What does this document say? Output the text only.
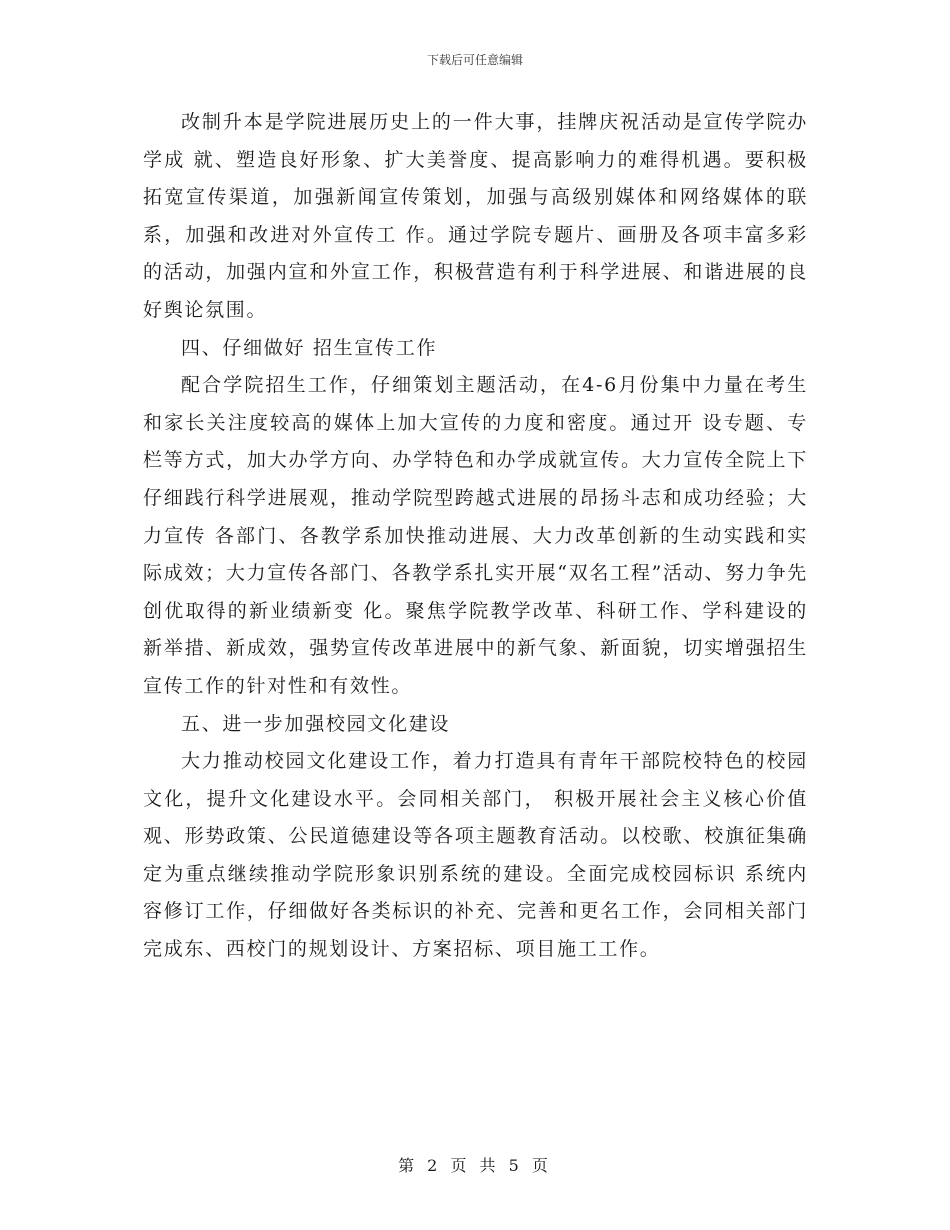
下载后可任意编辑

改制升本是学院进展历史上的一件大事，挂牌庆祝活动是宣传学院办学成 就、塑造良好形象、扩大美誉度、提高影响力的难得机遇。要积极拓宽宣传渠道，加强新闻宣传策划，加强与高级别媒体和网络媒体的联系，加强和改进对外宣传工 作。通过学院专题片、画册及各项丰富多彩的活动，加强内宣和外宣工作，积极营造有利于科学进展、和谐进展的良好舆论氛围。

四、仔细做好 招生宣传工作

配合学院招生工作，仔细策划主题活动，在4-6月份集中力量在考生和家长关注度较高的媒体上加大宣传的力度和密度。通过开 设专题、专栏等方式，加大办学方向、办学特色和办学成就宣传。大力宣传全院上下仔细践行科学进展观，推动学院型跨越式进展的昂扬斗志和成功经验；大力宣传 各部门、各教学系加快推动进展、大力改革创新的生动实践和实际成效；大力宣传各部门、各教学系扎实开展“双名工程”活动、努力争先创优取得的新业绩新变 化。聚焦学院教学改革、科研工作、学科建设的新举措、新成效，强势宣传改革进展中的新气象、新面貌，切实增强招生宣传工作的针对性和有效性。

五、进一步加强校园文化建设

大力推动校园文化建设工作，着力打造具有青年干部院校特色的校园文化，提升文化建设水平。会同相关部门， 积极开展社会主义核心价值观、形势政策、公民道德建设等各项主题教育活动。以校歌、校旗征集确定为重点继续推动学院形象识别系统的建设。全面完成校园标识 系统内容修订工作，仔细做好各类标识的补充、完善和更名工作，会同相关部门完成东、西校门的规划设计、方案招标、项目施工工作。

第 2 页 共 5 页
